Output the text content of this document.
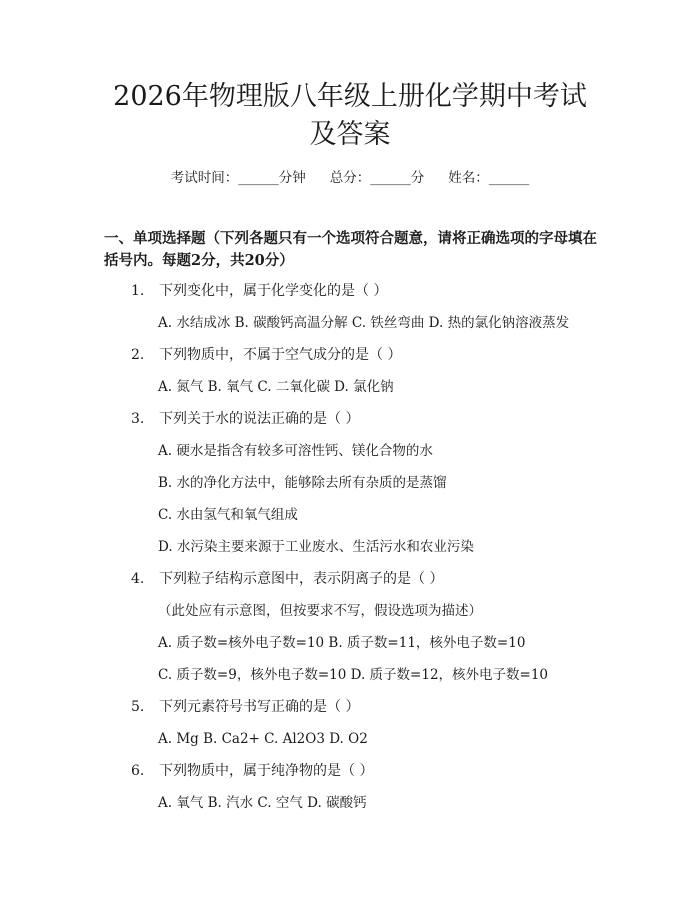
2026年物理版八年级上册化学期中考试及答案
考试时间：______分钟 总分：______分 姓名：______

一、单项选择题（下列各题只有一个选项符合题意，请将正确选项的字母填在括号内。每题2分，共20分）

1. 下列变化中，属于化学变化的是（ ）
A. 水结成冰 B. 碳酸钙高温分解 C. 铁丝弯曲 D. 热的氯化钠溶液蒸发
2. 下列物质中，不属于空气成分的是（ ）
A. 氮气 B. 氧气 C. 二氧化碳 D. 氯化钠
3. 下列关于水的说法正确的是（ ）
A. 硬水是指含有较多可溶性钙、镁化合物的水
B. 水的净化方法中，能够除去所有杂质的是蒸馏
C. 水由氢气和氧气组成
D. 水污染主要来源于工业废水、生活污水和农业污染
4. 下列粒子结构示意图中，表示阴离子的是（ ）
（此处应有示意图，但按要求不写，假设选项为描述）
A. 质子数=核外电子数=10 B. 质子数=11，核外电子数=10
C. 质子数=9，核外电子数=10 D. 质子数=12，核外电子数=10
5. 下列元素符号书写正确的是（ ）
A. Mg B. Ca2+ C. Al2O3 D. O2
6. 下列物质中，属于纯净物的是（ ）
A. 氧气 B. 汽水 C. 空气 D. 碳酸钙
